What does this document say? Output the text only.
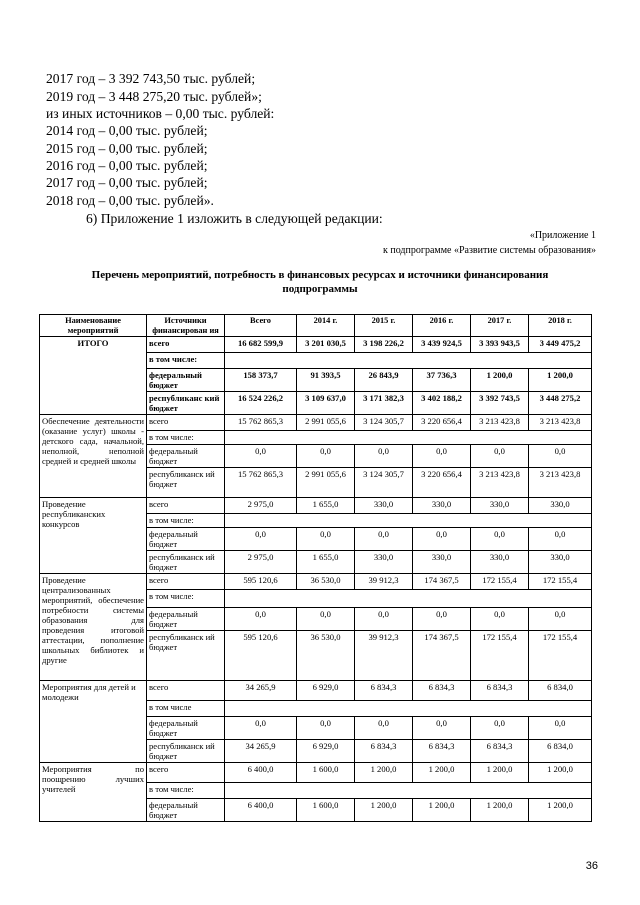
2017 год – 3 392 743,50 тыс. рублей;
2019 год – 3 448 275,20 тыс. рублей»;
из иных источников – 0,00 тыс. рублей:
2014 год – 0,00 тыс. рублей;
2015 год – 0,00 тыс. рублей;
2016 год – 0,00 тыс. рублей;
2017 год – 0,00 тыс. рублей;
2018 год – 0,00 тыс. рублей».
6) Приложение 1 изложить в следующей редакции:
«Приложение 1
к подпрограмме «Развитие системы образования»
Перечень мероприятий, потребность в финансовых ресурсах и источники финансирования подпрограммы
Наименование мероприятий	Источники финансирован ия	Всего	2014 г.	2015 г.	2016 г.	2017 г.	2018 г.
ИТОГО	всего	16 682 599,9	3 201 030,5	3 198 226,2	3 439 924,5	3 393 943,5	3 449 475,2
	в том числе:						
	федеральный бюджет	158 373,7	91 393,5	26 843,9	37 736,3	1 200,0	1 200,0
	республиканс кий бюджет	16 524 226,2	3 109 637,0	3 171 382,3	3 402 188,2	3 392 743,5	3 448 275,2
Обеспечение деятельности (оказание услуг) школы - детского сада, начальной, неполной, неполной средней и средней школы	всего	15 762 865,3	2 991 055,6	3 124 305,7	3 220 656,4	3 213 423,8	3 213 423,8
	в том числе:						
	федеральный бюджет	0,0	0,0	0,0	0,0	0,0	0,0
	республиканск ий бюджет	15 762 865,3	2 991 055,6	3 124 305,7	3 220 656,4	3 213 423,8	3 213 423,8
Проведение республиканских конкурсов	всего	2 975,0	1 655,0	330,0	330,0	330,0	330,0
	в том числе:						
	федеральный бюджет	0,0	0,0	0,0	0,0	0,0	0,0
	республиканск ий бюджет	2 975,0	1 655,0	330,0	330,0	330,0	330,0
Проведение централизованных мероприятий, обеспечение потребности системы образования для проведения итоговой аттестации, пополнение школьных библиотек и другие	всего	595 120,6	36 530,0	39 912,3	174 367,5	172 155,4	172 155,4
	в том числе:						
	федеральный бюджет	0,0	0,0	0,0	0,0	0,0	0,0
	республиканск ий бюджет	595 120,6	36 530,0	39 912,3	174 367,5	172 155,4	172 155,4
Мероприятия для детей и молодежи	всего	34 265,9	6 929,0	6 834,3	6 834,3	6 834,3	6 834,0
	в том числе						
	федеральный бюджет	0,0	0,0	0,0	0,0	0,0	0,0
	республиканск ий бюджет	34 265,9	6 929,0	6 834,3	6 834,3	6 834,3	6 834,0
Мероприятия по поощрению лучших учителей	всего	6 400,0	1 600,0	1 200,0	1 200,0	1 200,0	1 200,0
	в том числе:						
	федеральный бюджет	6 400,0	1 600,0	1 200,0	1 200,0	1 200,0	1 200,0
36
